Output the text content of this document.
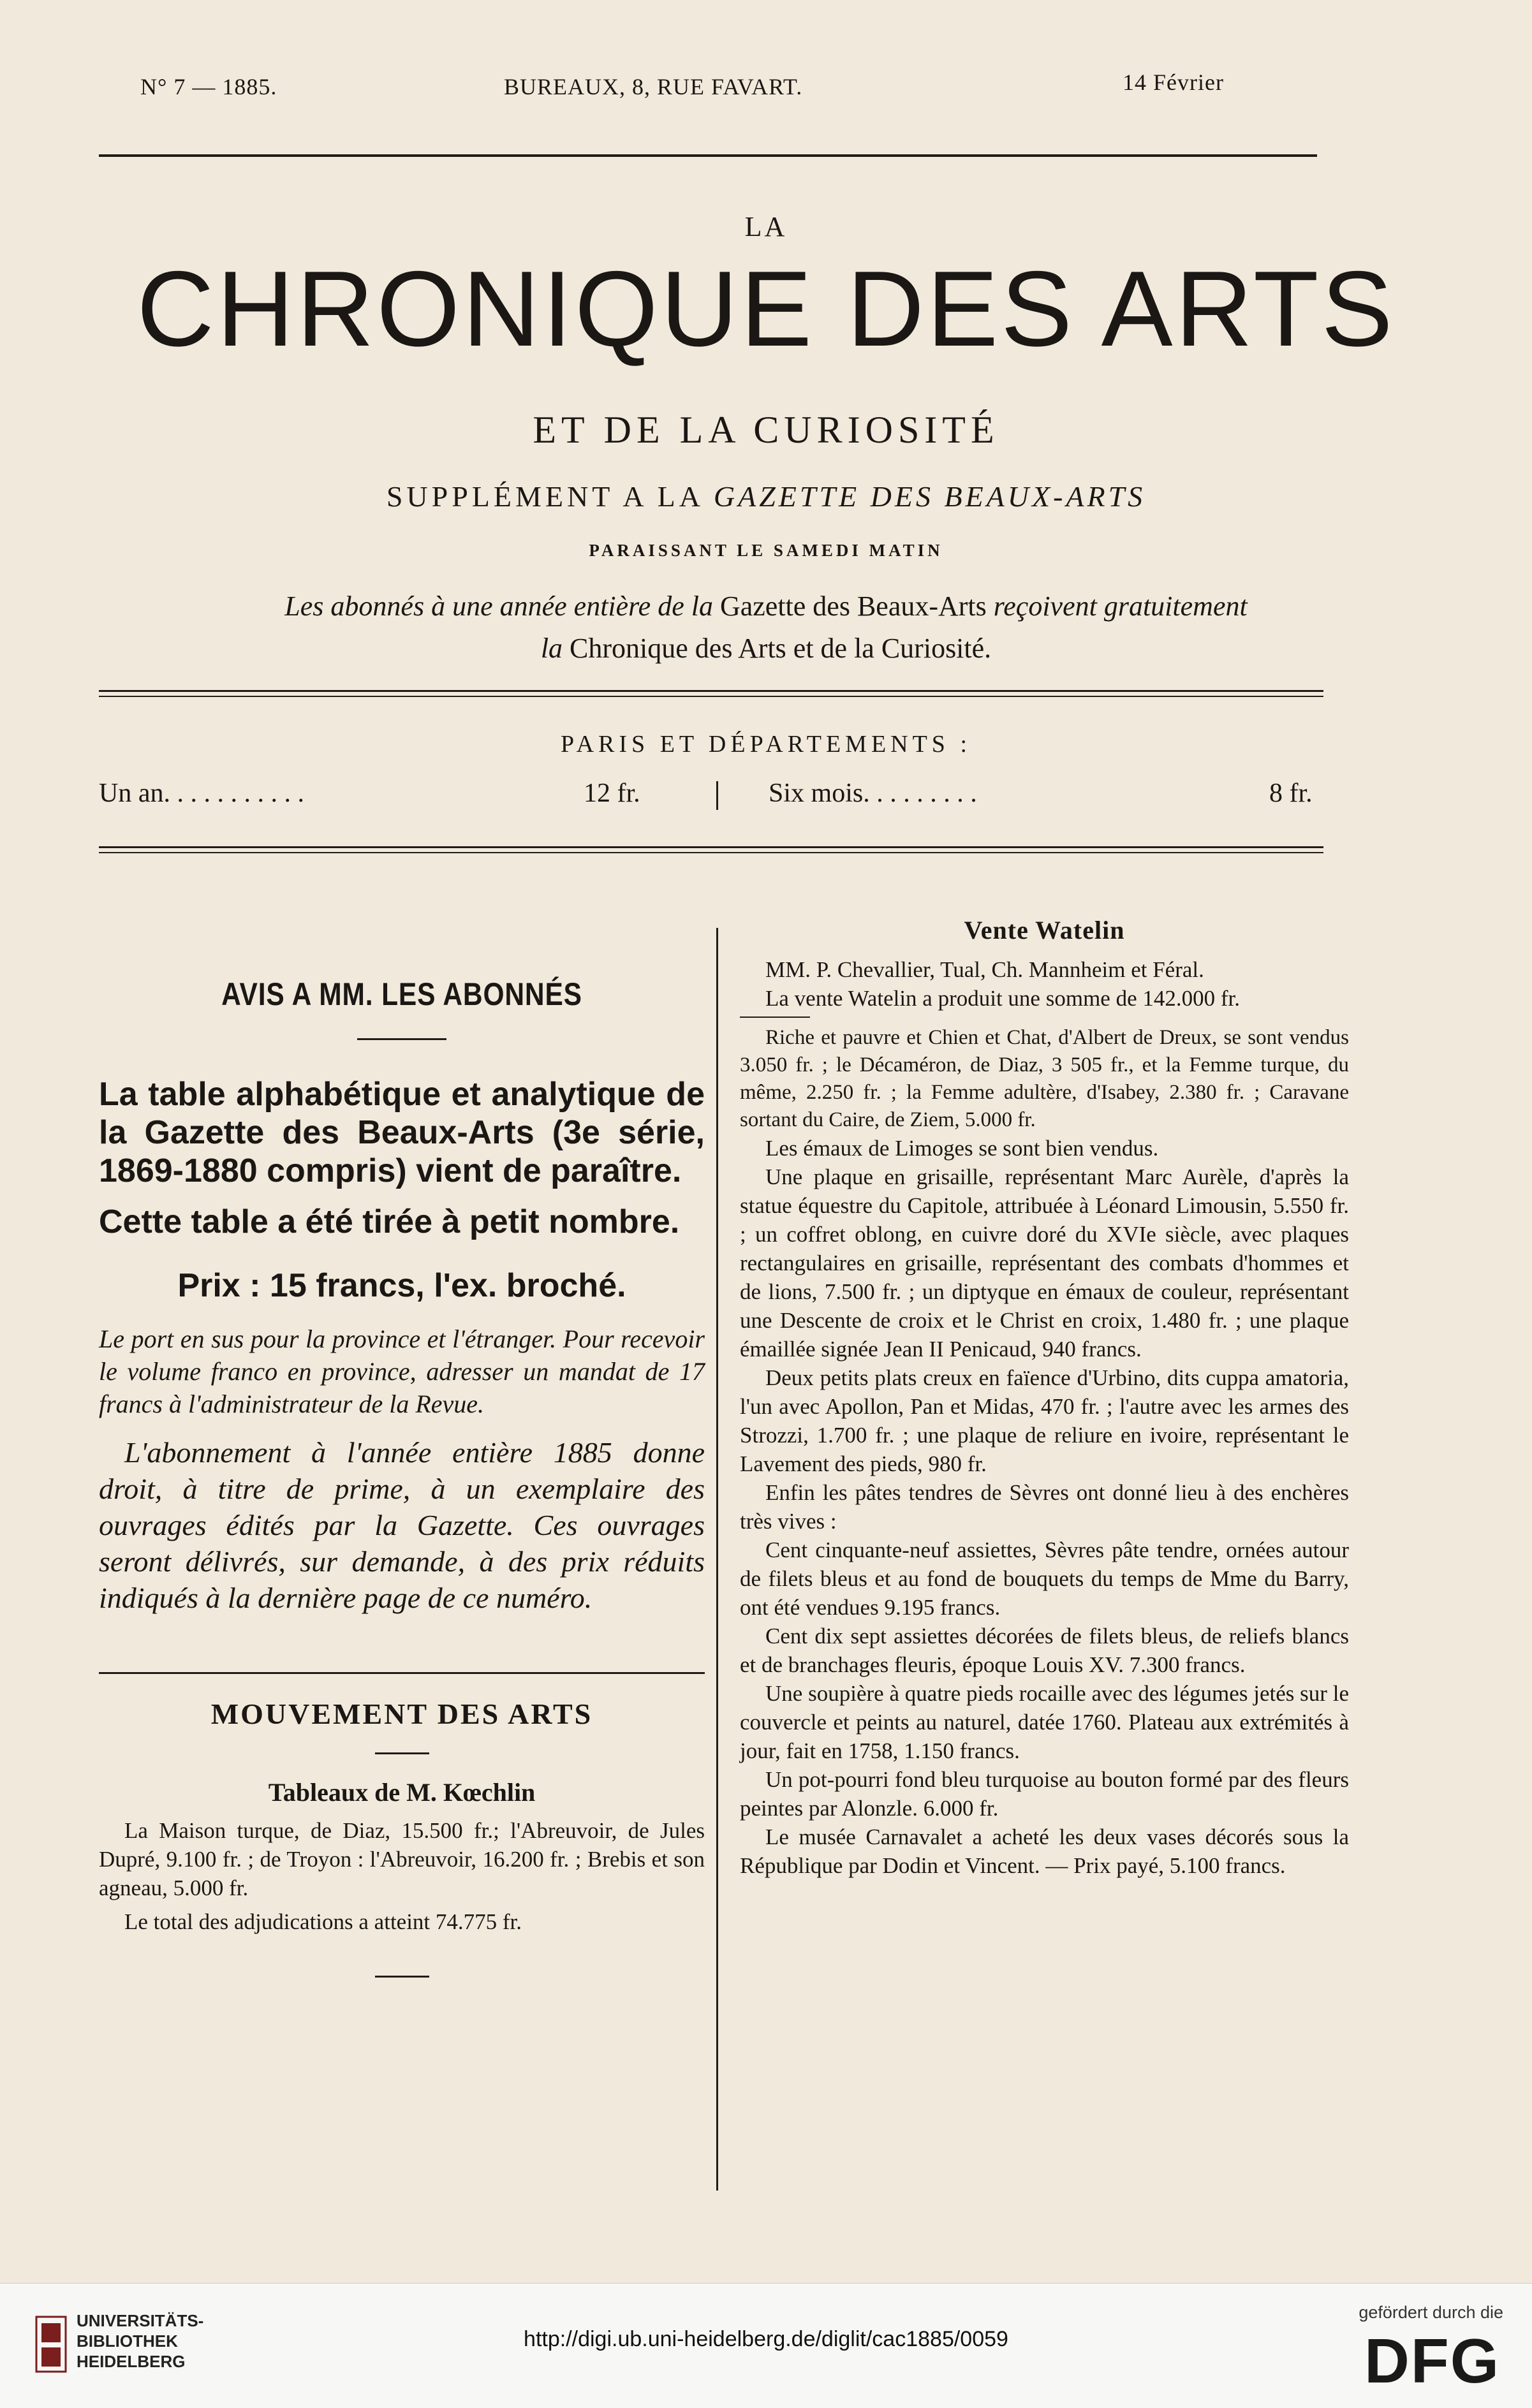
N° 7 — 1885.	BUREAUX, 8, RUE FAVART.	14 Février
LA
CHRONIQUE DES ARTS
ET DE LA CURIOSITÉ
SUPPLÉMENT A LA GAZETTE DES BEAUX-ARTS
PARAISSANT LE SAMEDI MATIN
Les abonnés à une année entière de la Gazette des Beaux-Arts reçoivent gratuitement
la Chronique des Arts et de la Curiosité.
PARIS ET DÉPARTEMENTS :
Un an. . . . . . . . . . .	12 fr.	Six mois. . . . . . . . .	8 fr.
AVIS A MM. LES ABONNÉS

La table alphabétique et analytique de la Gazette des Beaux-Arts (3e série, 1869-1880 compris) vient de paraître.

Cette table a été tirée à petit nombre.

Prix : 15 francs, l'ex. broché.

Le port en sus pour la province et l'étranger. Pour recevoir le volume franco en province, adresser un mandat de 17 francs à l'administrateur de la Revue.

L'abonnement à l'année entière 1885 donne droit, à titre de prime, à un exemplaire des ouvrages édités par la Gazette. Ces ouvrages seront délivrés, sur demande, à des prix réduits indiqués à la dernière page de ce numéro.

MOUVEMENT DES ARTS
Tableaux de M. Kœchlin

La Maison turque, de Diaz, 15.500 fr.; l'Abreuvoir, de Jules Dupré, 9.100 fr. ; de Troyon : l'Abreuvoir, 16.200 fr. ; Brebis et son agneau, 5.000 fr.

Le total des adjudications a atteint 74.775 fr.

Vente Watelin

MM. P. Chevallier, Tual, Ch. Mannheim et Féral.

La vente Watelin a produit une somme de 142.000 fr.

Riche et pauvre et Chien et Chat, d'Albert de Dreux, se sont vendus 3.050 fr. ; le Décaméron, de Diaz, 3 505 fr., et la Femme turque, du même, 2.250 fr. ; la Femme adultère, d'Isabey, 2.380 fr. ; Caravane sortant du Caire, de Ziem, 5.000 fr.

Les émaux de Limoges se sont bien vendus.

Une plaque en grisaille, représentant Marc Aurèle, d'après la statue équestre du Capitole, attribuée à Léonard Limousin, 5.550 fr. ; un coffret oblong, en cuivre doré du XVIe siècle, avec plaques rectangulaires en grisaille, représentant des combats d'hommes et de lions, 7.500 fr. ; un diptyque en émaux de couleur, représentant une Descente de croix et le Christ en croix, 1.480 fr. ; une plaque émaillée signée Jean II Penicaud, 940 francs.

Deux petits plats creux en faïence d'Urbino, dits cuppa amatoria, l'un avec Apollon, Pan et Midas, 470 fr. ; l'autre avec les armes des Strozzi, 1.700 fr. ; une plaque de reliure en ivoire, représentant le Lavement des pieds, 980 fr.

Enfin les pâtes tendres de Sèvres ont donné lieu à des enchères très vives :

Cent cinquante-neuf assiettes, Sèvres pâte tendre, ornées autour de filets bleus et au fond de bouquets du temps de Mme du Barry, ont été vendues 9.195 francs.

Cent dix sept assiettes décorées de filets bleus, de reliefs blancs et de branchages fleuris, époque Louis XV. 7.300 francs.

Une soupière à quatre pieds rocaille avec des légumes jetés sur le couvercle et peints au naturel, datée 1760. Plateau aux extrémités à jour, fait en 1758, 1.150 francs.

Un pot-pourri fond bleu turquoise au bouton formé par des fleurs peintes par Alonzle. 6.000 fr.

Le musée Carnavalet a acheté les deux vases décorés sous la République par Dodin et Vincent. — Prix payé, 5.100 francs.

UNIVERSITÄTS-
BIBLIOTHEK
HEIDELBERG
http://digi.ub.uni-heidelberg.de/diglit/cac1885/0059
gefördert durch die
DFG
